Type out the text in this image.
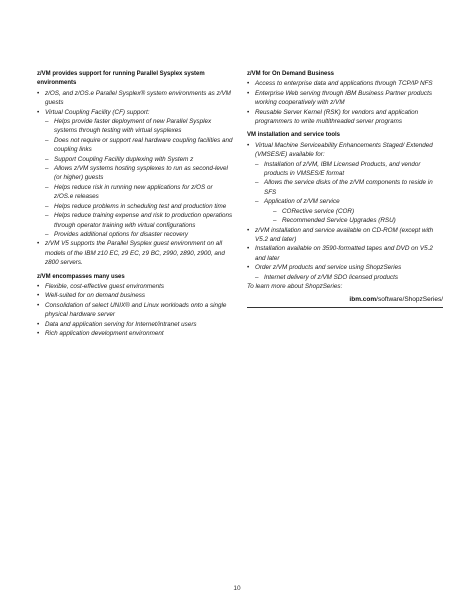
z/VM provides support for running Parallel Sysplex system environments
• z/OS, and z/OS.e Parallel Sysplex® system environments as z/VM guests
• Virtual Coupling Facility (CF) support:
– Helps provide faster deployment of new Parallel Sysplex systems through testing with virtual sysplexes
– Does not require or support real hardware coupling facilities and coupling links
– Support Coupling Facility duplexing with System z
– Allows z/VM systems hosting sysplexes to run as second-level (or higher) guests
– Helps reduce risk in running new applications for z/OS or z/OS.e releases
– Helps reduce problems in scheduling test and production time
– Helps reduce training expense and risk to production operations through operator training with virtual configurations
– Provides additional options for disaster recovery
• z/VM V5 supports the Parallel Sysplex guest environment on all models of the IBM z10 EC, z9 EC, z9 BC, z990, z890, z900, and z800 servers.
z/VM encompasses many uses
• Flexible, cost-effective guest environments
• Well-suited for on demand business
• Consolidation of select UNIX® and Linux workloads onto a single physical hardware server
• Data and application serving for Internet/intranet users
• Rich application development environment
z/VM for On Demand Business
• Access to enterprise data and applications through TCP/IP NFS
• Enterprise Web serving through IBM Business Partner products working cooperatively with z/VM
• Reusable Server Kernel (RSK) for vendors and application programmers to write multithreaded server programs
VM installation and service tools
• Virtual Machine Serviceability Enhancements Staged/ Extended (VMSES/E) available for:
– Installation of z/VM, IBM Licensed Products, and vendor products in VMSES/E format
– Allows the service disks of the z/VM components to reside in SFS
– Application of z/VM service
– CORеctive service (COR)
– Recommended Service Upgrades (RSU)
• z/VM installation and service available on CD-ROM (except with V5.2 and later)
• Installation available on 3590-formatted tapes and DVD on V5.2 and later
• Order z/VM products and service using ShopzSeries
– Internet delivery of z/VM SDO licensed products
To learn more about ShopzSeries:
ibm.com/software/ShopzSeries/
10
